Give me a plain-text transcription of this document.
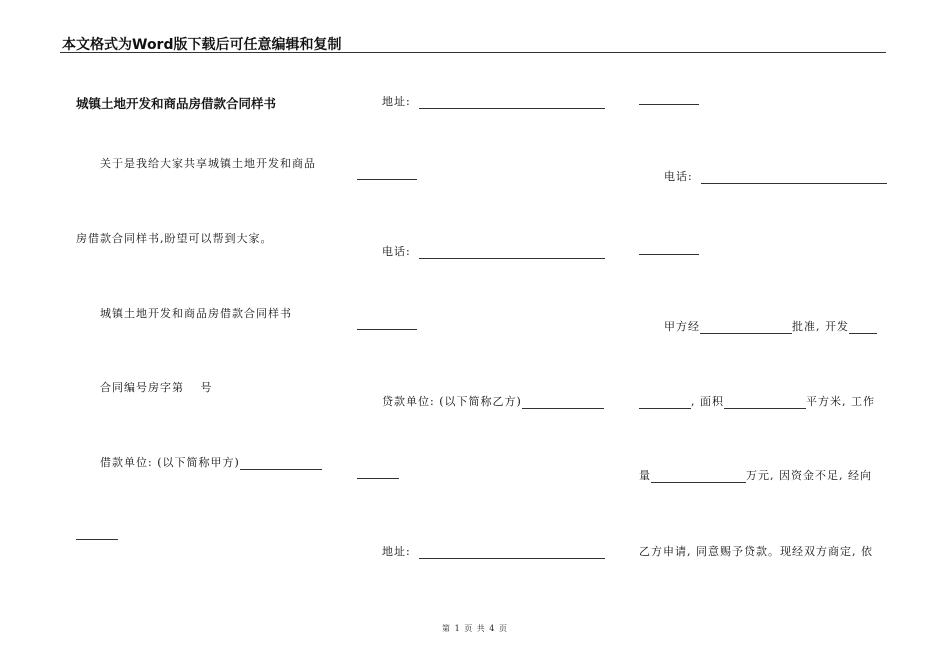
本文格式为Word版下载后可任意编辑和复制
城镇土地开发和商品房借款合同样书
关于是我给大家共享城镇土地开发和商品
房借款合同样书,盼望可以帮到大家。
城镇土地开发和商品房借款合同样书
合同编号房字第　 号
借款单位: (以下简称甲方)
地址:
电话:
贷款单位: (以下简称乙方)
地址:
电话:
甲方经	批准, 开发
, 面积	平方米, 工作
量	万元, 因资金不足, 经向
乙方申请, 同意赐予贷款。现经双方商定, 依
第 1 页 共 4 页
